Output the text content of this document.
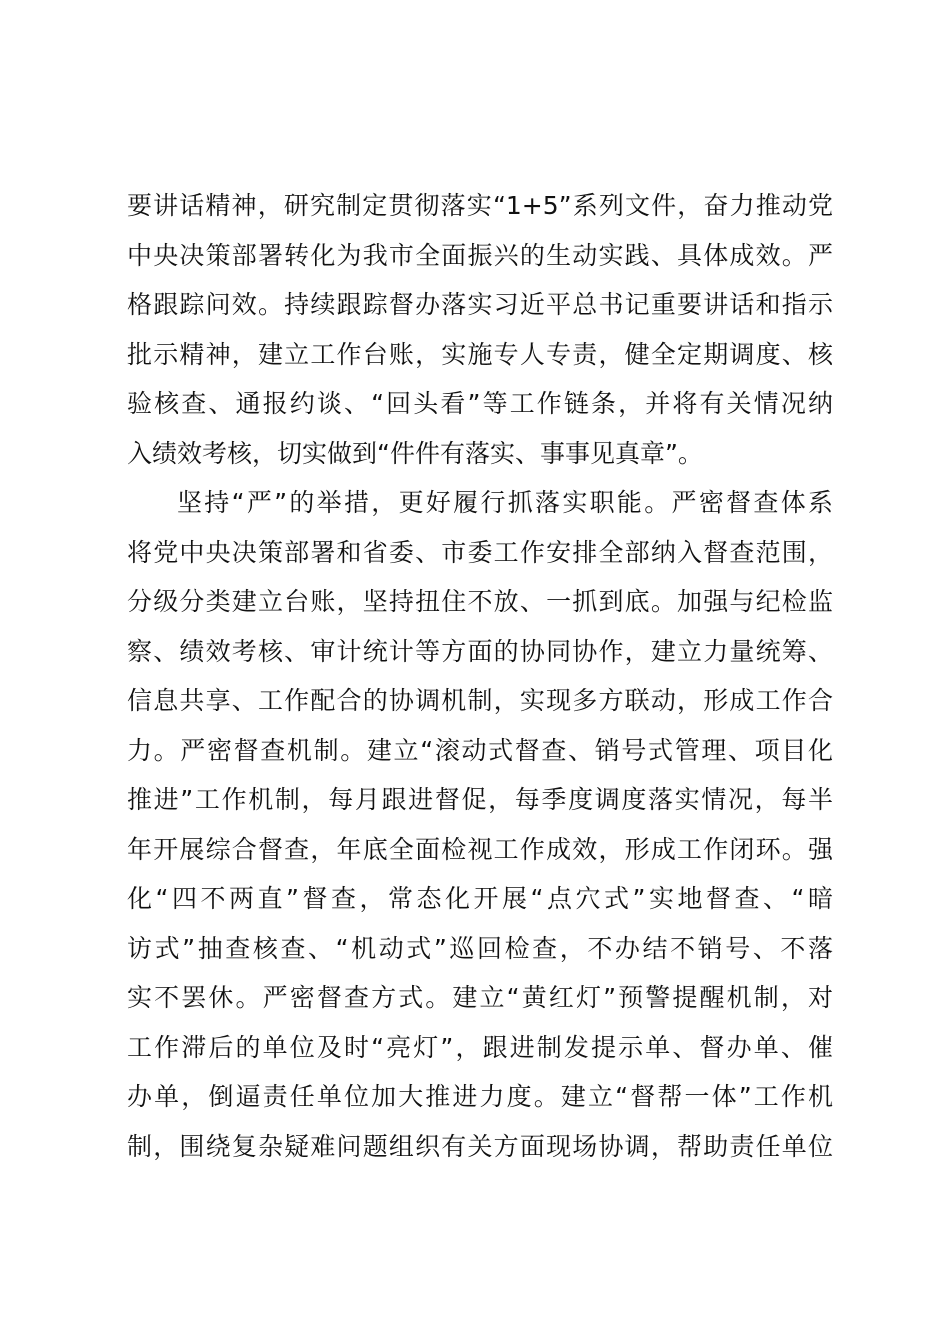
要讲话精神，研究制定贯彻落实“1+5”系列文件，奋力推动党
中央决策部署转化为我市全面振兴的生动实践、具体成效。严
格跟踪问效。持续跟踪督办落实习近平总书记重要讲话和指示
批示精神，建立工作台账，实施专人专责，健全定期调度、核
验核查、通报约谈、“回头看”等工作链条，并将有关情况纳
入绩效考核，切实做到“件件有落实、事事见真章”。
坚持“严”的举措，更好履行抓落实职能。严密督查体系
将党中央决策部署和省委、市委工作安排全部纳入督查范围，
分级分类建立台账，坚持扭住不放、一抓到底。加强与纪检监
察、绩效考核、审计统计等方面的协同协作，建立力量统筹、
信息共享、工作配合的协调机制，实现多方联动，形成工作合
力。严密督查机制。建立“滚动式督查、销号式管理、项目化
推进”工作机制，每月跟进督促，每季度调度落实情况，每半
年开展综合督查，年底全面检视工作成效，形成工作闭环。强
化“四不两直”督查，常态化开展“点穴式”实地督查、“暗
访式”抽查核查、“机动式”巡回检查，不办结不销号、不落
实不罢休。严密督查方式。建立“黄红灯”预警提醒机制，对
工作滞后的单位及时“亮灯”，跟进制发提示单、督办单、催
办单，倒逼责任单位加大推进力度。建立“督帮一体”工作机
制，围绕复杂疑难问题组织有关方面现场协调，帮助责任单位
